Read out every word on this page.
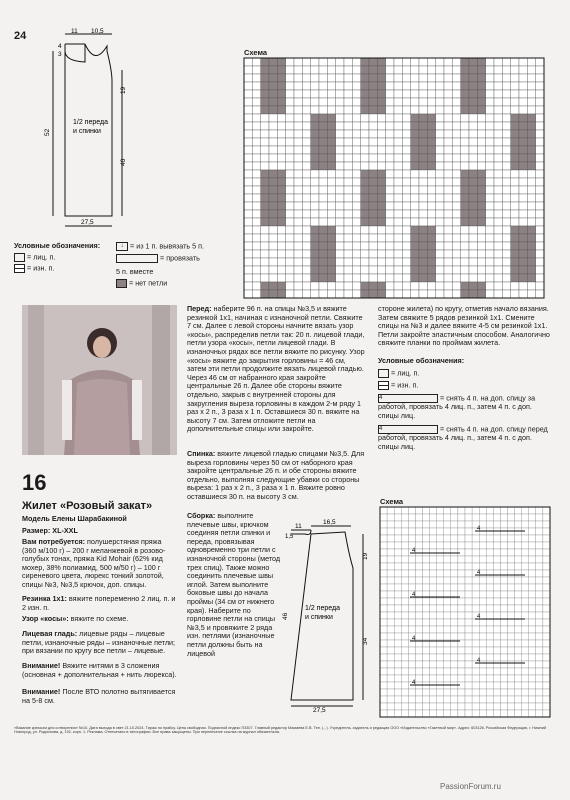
24	11 10,5
4
3
19
52
40
27,5
1/2 переда
и спинки
Схема
Условные обозначения:
= лиц. п.
= изн. п.
↓ = из 1 п. вывязать 5 п.
= провязать
5 п. вместе
= нет петли
16
Жилет «Розовый закат»
Модель Елены Шарабакиной
Размер: XL-XXL
Вам потребуется: полушерстяная пряжа (360 м/100 г) – 200 г меланжевой в розово-голубых тонах, пряжа Kid Mohair (62% кид мохер, 38% полиамид, 500 м/50 г) – 100 г сиреневого цвета, люрекс тонкий золотой, спицы №3, №3,5 крючок, доп. спицы.
Резинка 1х1: вяжите попеременно 2 лиц. п. и 2 изн. п.
Узор «косы»: вяжите по схеме.
Лицевая гладь: лицевые ряды – лицевые петли, изнаночные ряды – изнаночные петли; при вязании по кругу все петли – лицевые.
Внимание! Вяжите нитями в 3 сложения (основная + дополнительная + нить люрекса).
Внимание! После ВТО полотно вытягивается на 5-8 см.
Перед: наберите 96 п. на спицы №3,5 и вяжите резинкой 1х1, начиная с изнаночной петли. Свяжите 7 см. Далее с левой стороны начните вязать узор «косы», распределив петли так: 20 п. лицевой глади, петли узора «косы», петли лицевой глади. В изнаночных рядах все петли вяжите по рисунку. Узор «косы» вяжите до закрытия горловины = 46 см, затем эти петли продолжите вязать лицевой гладью. Через 46 см от набранного края закройте центральные 26 п. Далее обе стороны вяжите отдельно, закрыв с внутренней стороны для закругления выреза горловины в каждом 2-м ряду 1 раз х 2 п., 3 раза х 1 п. Оставшиеся 30 п. вяжите на высоту 7 см. Затем отложите петли на дополнительные спицы или закройте.
Спинка: вяжите лицевой гладью спицами №3,5. Для выреза горловины через 50 см от наборного края закройте центральные 26 п. и обе стороны вяжите отдельно, выполняя следующие убавки со стороны выреза: 1 раз х 2 п., 3 раза х 1 п. Вяжите ровно оставшиеся 30 п. на высоту 3 см.
Сборка: выполните плечевые швы, крючком соединяя петли спинки и переда, провязывая одновременно три петли с изнаночной стороны (метод трех спиц). Также можно соединить плечевые швы иглой. Затем выполните боковые швы до начала проймы (34 см от нижнего края). Наберите по горловине петли на спицы №3,5 и провяжите 2 ряда изн. петлями (изнаночные петли должны быть на лицевой
11
16,5
1,5
19
46
34
27,5
1/2 переда
и спинки
стороне жилета) по кругу, отметив начало вязания. Затем свяжите 5 рядов резинкой 1х1. Смените спицы на №3 и далее вяжите 4-5 см резинкой 1х1. Петли закройте эластичным способом. Аналогично свяжите планки по проймам жилета.
Условные обозначения:
= лиц. п.
= изн. п.
4	= снять 4 п. на доп. спицу за работой, провязать 4 лиц. п., затем 4 п. с доп. спицы лиц.
4	= снять 4 п. на доп. спицу перед работой, провязать 4 лиц. п., затем 4 п. с доп. спицы лиц.
Схема
4
4
4
4
4
4
4
4
«Вязание крючком для сотворения» №10. Дата выхода в свет 21.10.2024. Тираж по прайсу. Цена свободная. Подписной индекс П3307. Главный редактор Мамаева Е.В. Тел. (...). Учредитель, издатель и редакция ООО «Издательство «Газетный мир». Адрес: 603126, Российская Федерация, г. Нижний Новгород, ул. Родионова, д. 192, корп. 1. Реклама. Отпечатано в типографии. Все права защищены. При перепечатке ссылка на журнал обязательна.
PassionForum.ru
